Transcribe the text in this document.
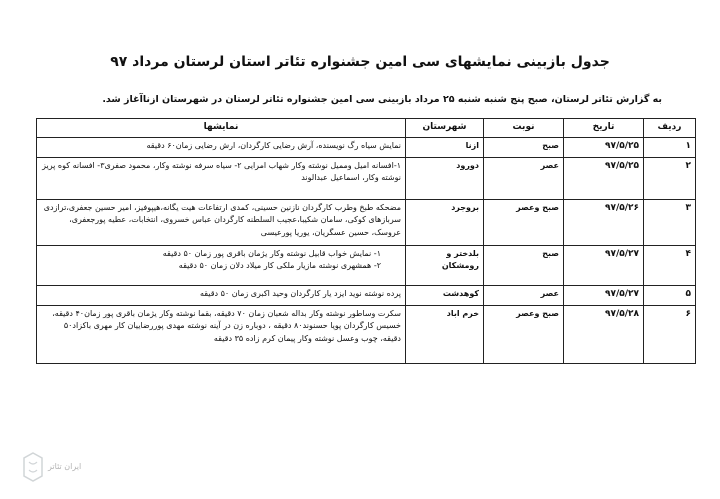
جدول بازبینی نمایشهای سی امین جشنواره تئاتر استان لرستان مرداد ۹۷

به گزارش تئاتر لرستان، صبح پنج شنبه شنبه ۲۵ مرداد بازبینی سی امین جشنواره تئاتر لرستان در شهرستان ازناآغاز شد.

ردیف	تاریخ	نوبت	شهرستان	نمایشها
۱	۹۷/۵/۲۵	صبح	ازنا	نمایش سیاه رگ نویسنده، آرش رضایی کارگردان، ارش رضایی زمان۶۰ دقیقه
۲	۹۷/۵/۲۵	عصر	دورود	۱-افسانه امیل وممیل نوشته وکار شهاب امرایی ۲- سیاه سرفه نوشته وکار، محمود صفری۳- افسانه کوه پریز نوشته وکار، اسماعیل عبدالوند
۳	۹۷/۵/۲۶	صبح وعصر	بروجرد	مضحکه طبخ وطرب کارگردان نازنین حسینی، کمدی ارتفاعات هیت یگانه،هیپوفیز، امیر حسین جعفری،ترازدی سربازهای کوکی، سامان شکیبا،عجیب السلطنه کارگردان عباس خسروی، انتخابات، عطیه پورجعفری، عروسک، حسین عسگریان، یوریا پورعیسی
۴	۹۷/۵/۲۷	صبح	بلدختر و رومشکان	۱- نمایش خواب قابیل نوشته وکار یژمان باقری پور زمان ۵۰ دقیقه
۲- همشهری نوشته مازیار ملکی کار میلاد دلان زمان ۵۰ دقیقه

۵	۹۷/۵/۲۷	عصر	کوهدشت	پرده نوشته نوید ایزد یار کارگردان وحید اکبری زمان ۵۰ دقیقه
۶	۹۷/۵/۲۸	صبح وعصر	خرم اباد	سکرت وساطور نوشته وکار بداله شعبان زمان ۷۰ دقیقه، بقما نوشته وکار یژمان باقری پور زمان۴۰ دقیقه، خسیس کارگردان پویا حسنوند۸۰ دقیقه ، دوباره زن در آینه نوشته مهدی پوررضاییان کار مهری باکزاد۵۰ دقیقه، چوب وعسل نوشته وکار پیمان کرم زاده ۳۵ دقیقه
ایران تئاتر
